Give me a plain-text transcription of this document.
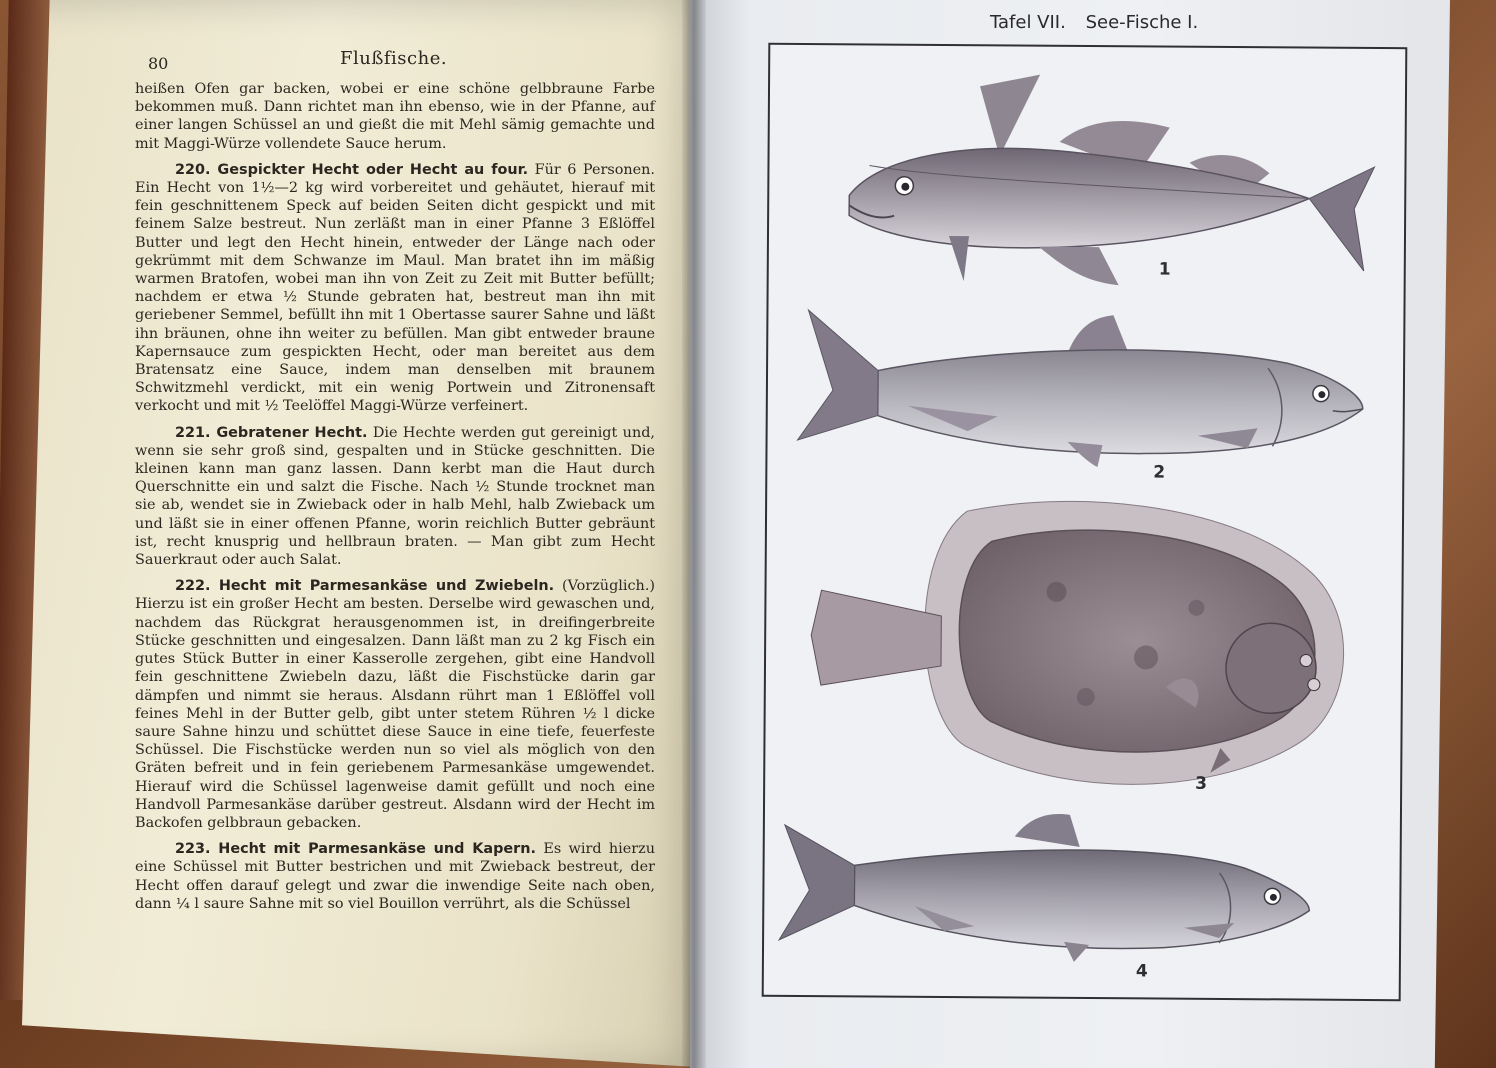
80	Flußfische.

heißen Ofen gar backen, wobei er eine schöne gelbbraune Farbe bekommen muß. Dann richtet man ihn ebenso, wie in der Pfanne, auf einer langen Schüssel an und gießt die mit Mehl sämig gemachte und mit Maggi-Würze vollendete Sauce herum.

220. Gespickter Hecht oder Hecht au four. Für 6 Personen. Ein Hecht von 1½—2 kg wird vorbereitet und gehäutet, hierauf mit fein geschnittenem Speck auf beiden Seiten dicht gespickt und mit feinem Salze bestreut. Nun zerläßt man in einer Pfanne 3 Eßlöffel Butter und legt den Hecht hinein, entweder der Länge nach oder gekrümmt mit dem Schwanze im Maul. Man bratet ihn im mäßig warmen Bratofen, wobei man ihn von Zeit zu Zeit mit Butter befüllt; nachdem er etwa ½ Stunde gebraten hat, bestreut man ihn mit geriebener Semmel, befüllt ihn mit 1 Obertasse saurer Sahne und läßt ihn bräunen, ohne ihn weiter zu befüllen. Man gibt entweder braune Kapernsauce zum gespickten Hecht, oder man bereitet aus dem Bratensatz eine Sauce, indem man denselben mit braunem Schwitzmehl verdickt, mit ein wenig Portwein und Zitronensaft verkocht und mit ½ Teelöffel Maggi-Würze verfeinert.

221. Gebratener Hecht. Die Hechte werden gut gereinigt und, wenn sie sehr groß sind, gespalten und in Stücke geschnitten. Die kleinen kann man ganz lassen. Dann kerbt man die Haut durch Querschnitte ein und salzt die Fische. Nach ½ Stunde trocknet man sie ab, wendet sie in Zwieback oder in halb Mehl, halb Zwieback um und läßt sie in einer offenen Pfanne, worin reichlich Butter gebräunt ist, recht knusprig und hellbraun braten. — Man gibt zum Hecht Sauerkraut oder auch Salat.

222. Hecht mit Parmesankäse und Zwiebeln. (Vorzüglich.) Hierzu ist ein großer Hecht am besten. Derselbe wird gewaschen und, nachdem das Rückgrat herausgenommen ist, in dreifingerbreite Stücke geschnitten und eingesalzen. Dann läßt man zu 2 kg Fisch ein gutes Stück Butter in einer Kasserolle zergehen, gibt eine Handvoll fein geschnittene Zwiebeln dazu, läßt die Fischstücke darin gar dämpfen und nimmt sie heraus. Alsdann rührt man 1 Eßlöffel voll feines Mehl in der Butter gelb, gibt unter stetem Rühren ½ l dicke saure Sahne hinzu und schüttet diese Sauce in eine tiefe, feuerfeste Schüssel. Die Fischstücke werden nun so viel als möglich von den Gräten befreit und in fein geriebenem Parmesankäse umgewendet. Hierauf wird die Schüssel lagenweise damit gefüllt und noch eine Handvoll Parmesankäse darüber gestreut. Alsdann wird der Hecht im Backofen gelbbraun gebacken.

223. Hecht mit Parmesankäse und Kapern. Es wird hierzu eine Schüssel mit Butter bestrichen und mit Zwieback bestreut, der Hecht offen darauf gelegt und zwar die inwendige Seite nach oben, dann ¼ l saure Sahne mit so viel Bouillon verrührt, als die Schüssel

Tafel VII. See-Fische I.
1
2
3
4
